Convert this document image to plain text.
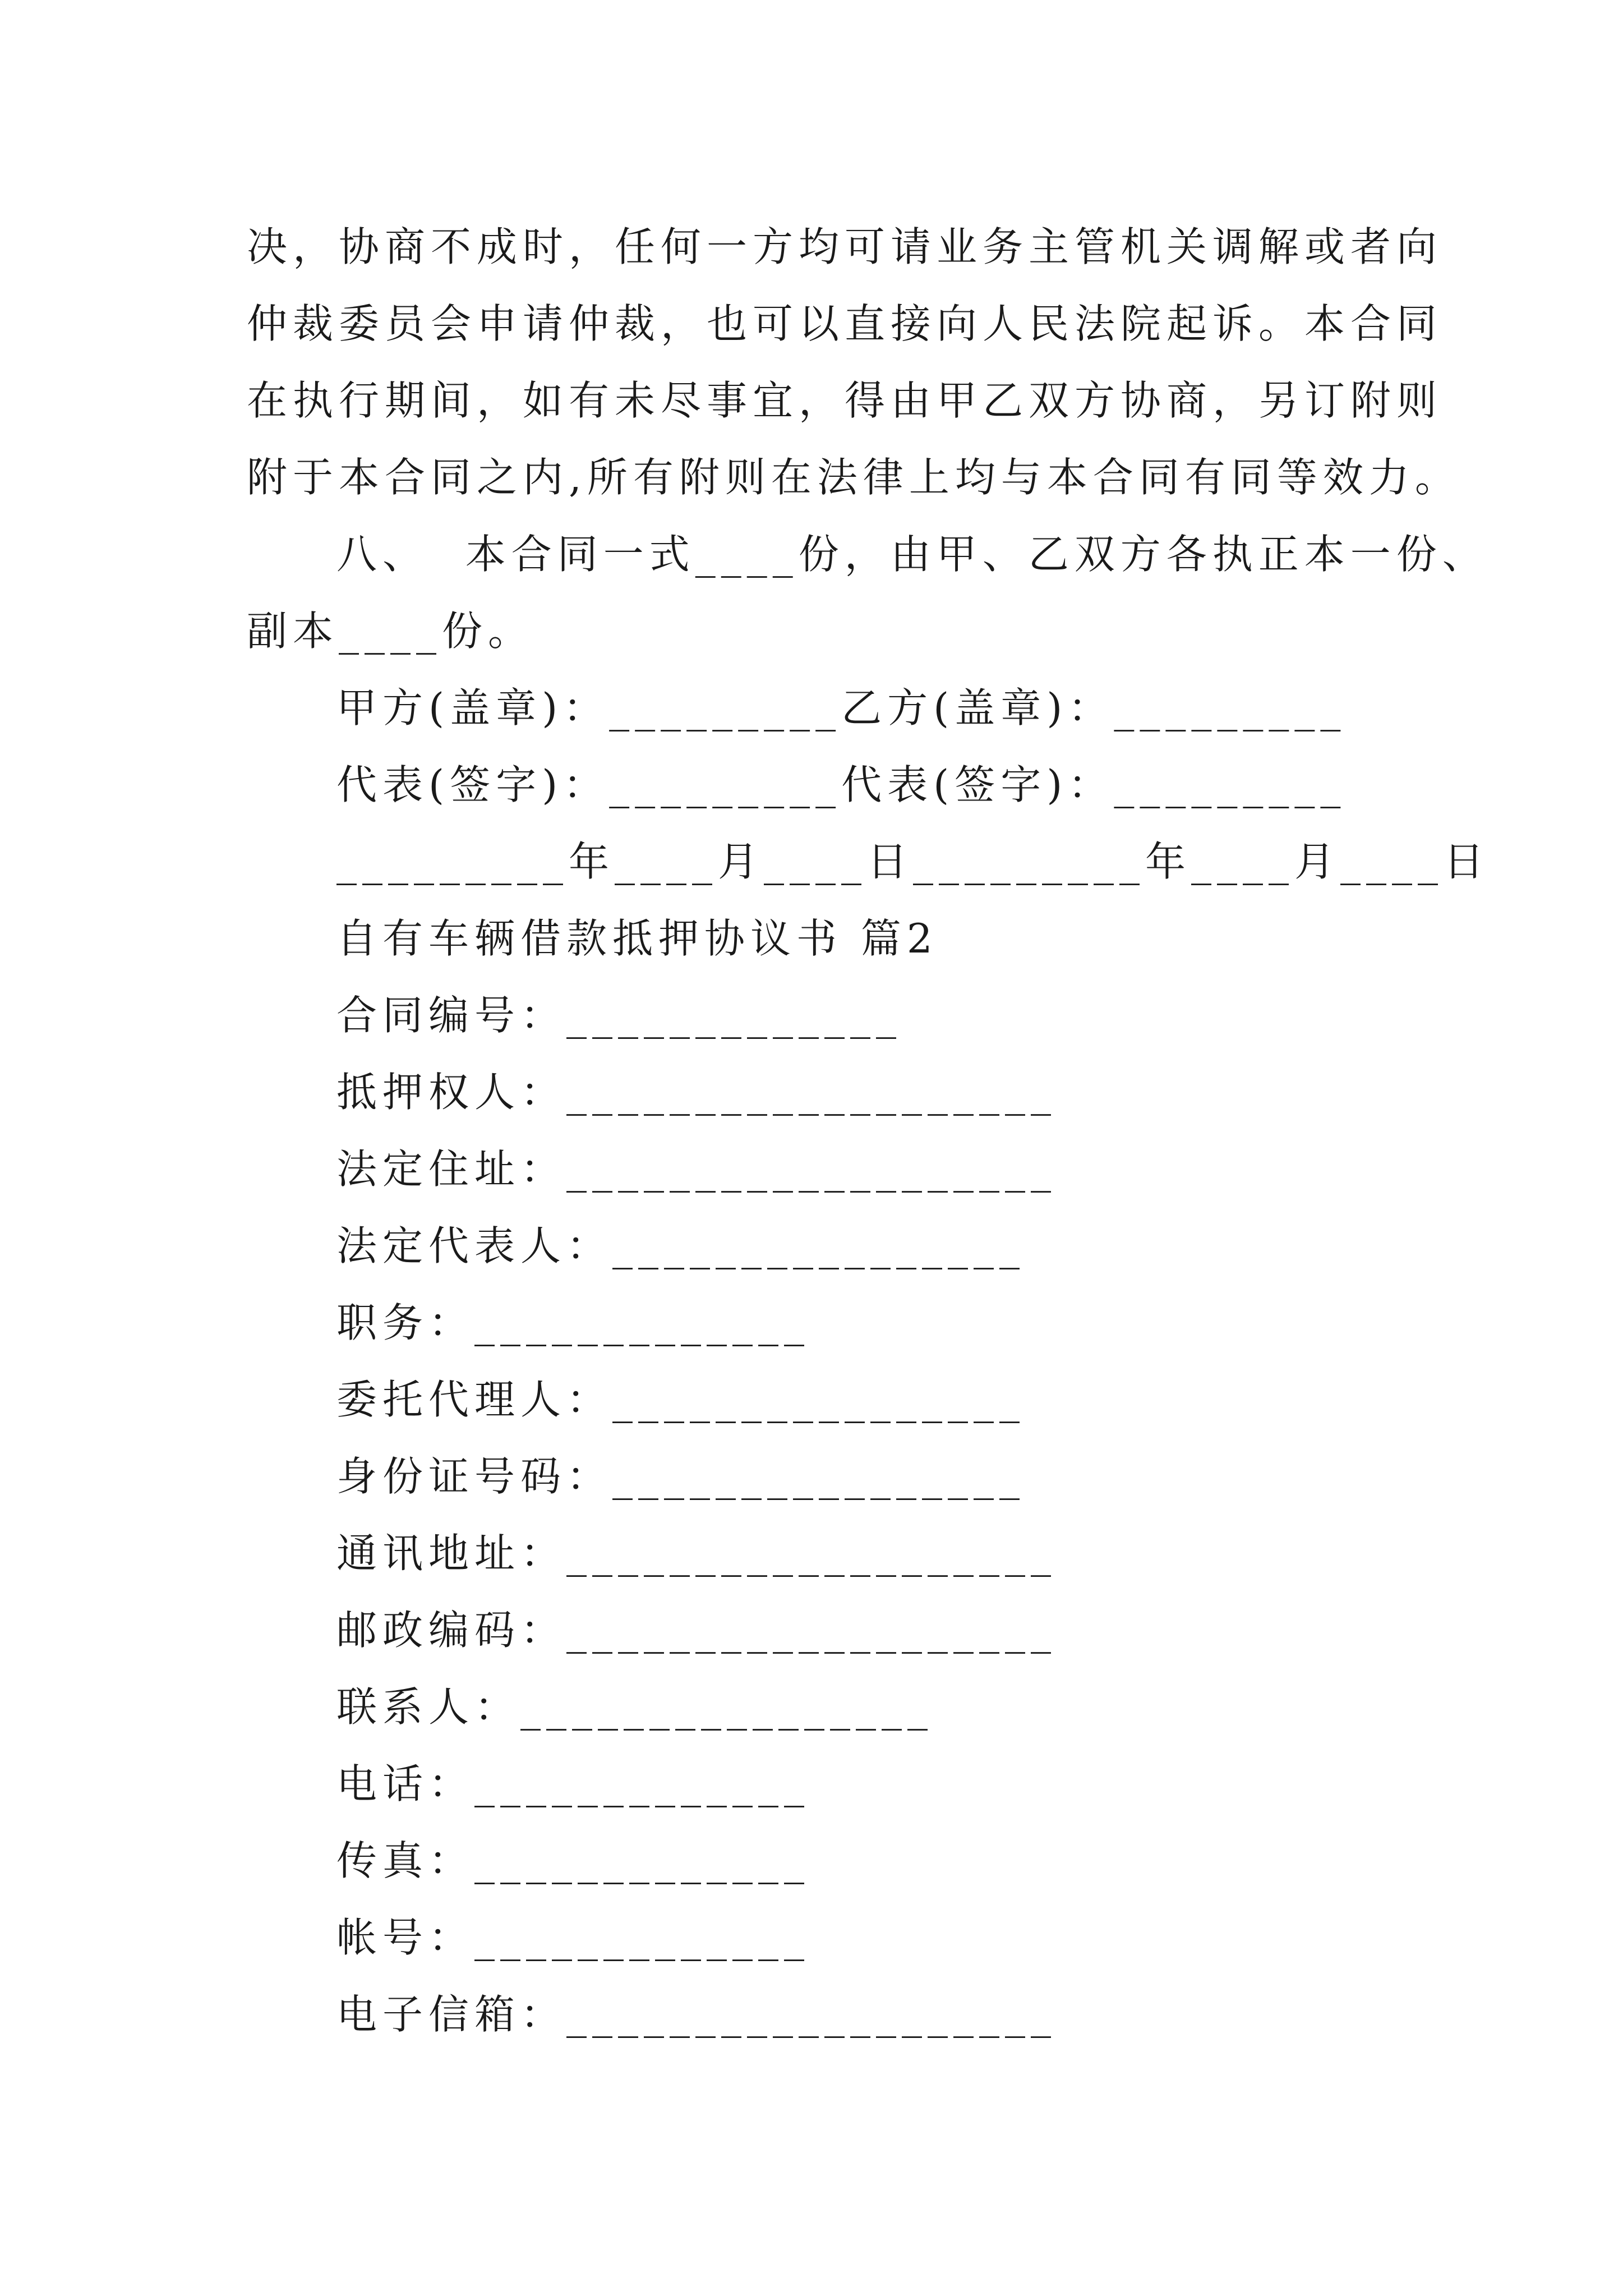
决，协商不成时，任何一方均可请业务主管机关调解或者向
仲裁委员会申请仲裁，也可以直接向人民法院起诉。本合同
在执行期间，如有未尽事宜，得由甲乙双方协商，另订附则
附于本合同之内,所有附则在法律上均与本合同有同等效力。
八、  本合同一式____份，由甲、乙双方各执正本一份、
副本____份。
甲方(盖章)：_________乙方(盖章)：_________
代表(签字)：_________代表(签字)：_________
_________年____月____日_________年____月____日
自有车辆借款抵押协议书 篇2
合同编号：_____________
抵押权人：___________________
法定住址：___________________
法定代表人：________________
职务：_____________
委托代理人：________________
身份证号码：________________
通讯地址：___________________
邮政编码：___________________
联系人：________________
电话：_____________
传真：_____________
帐号：_____________
电子信箱：___________________
